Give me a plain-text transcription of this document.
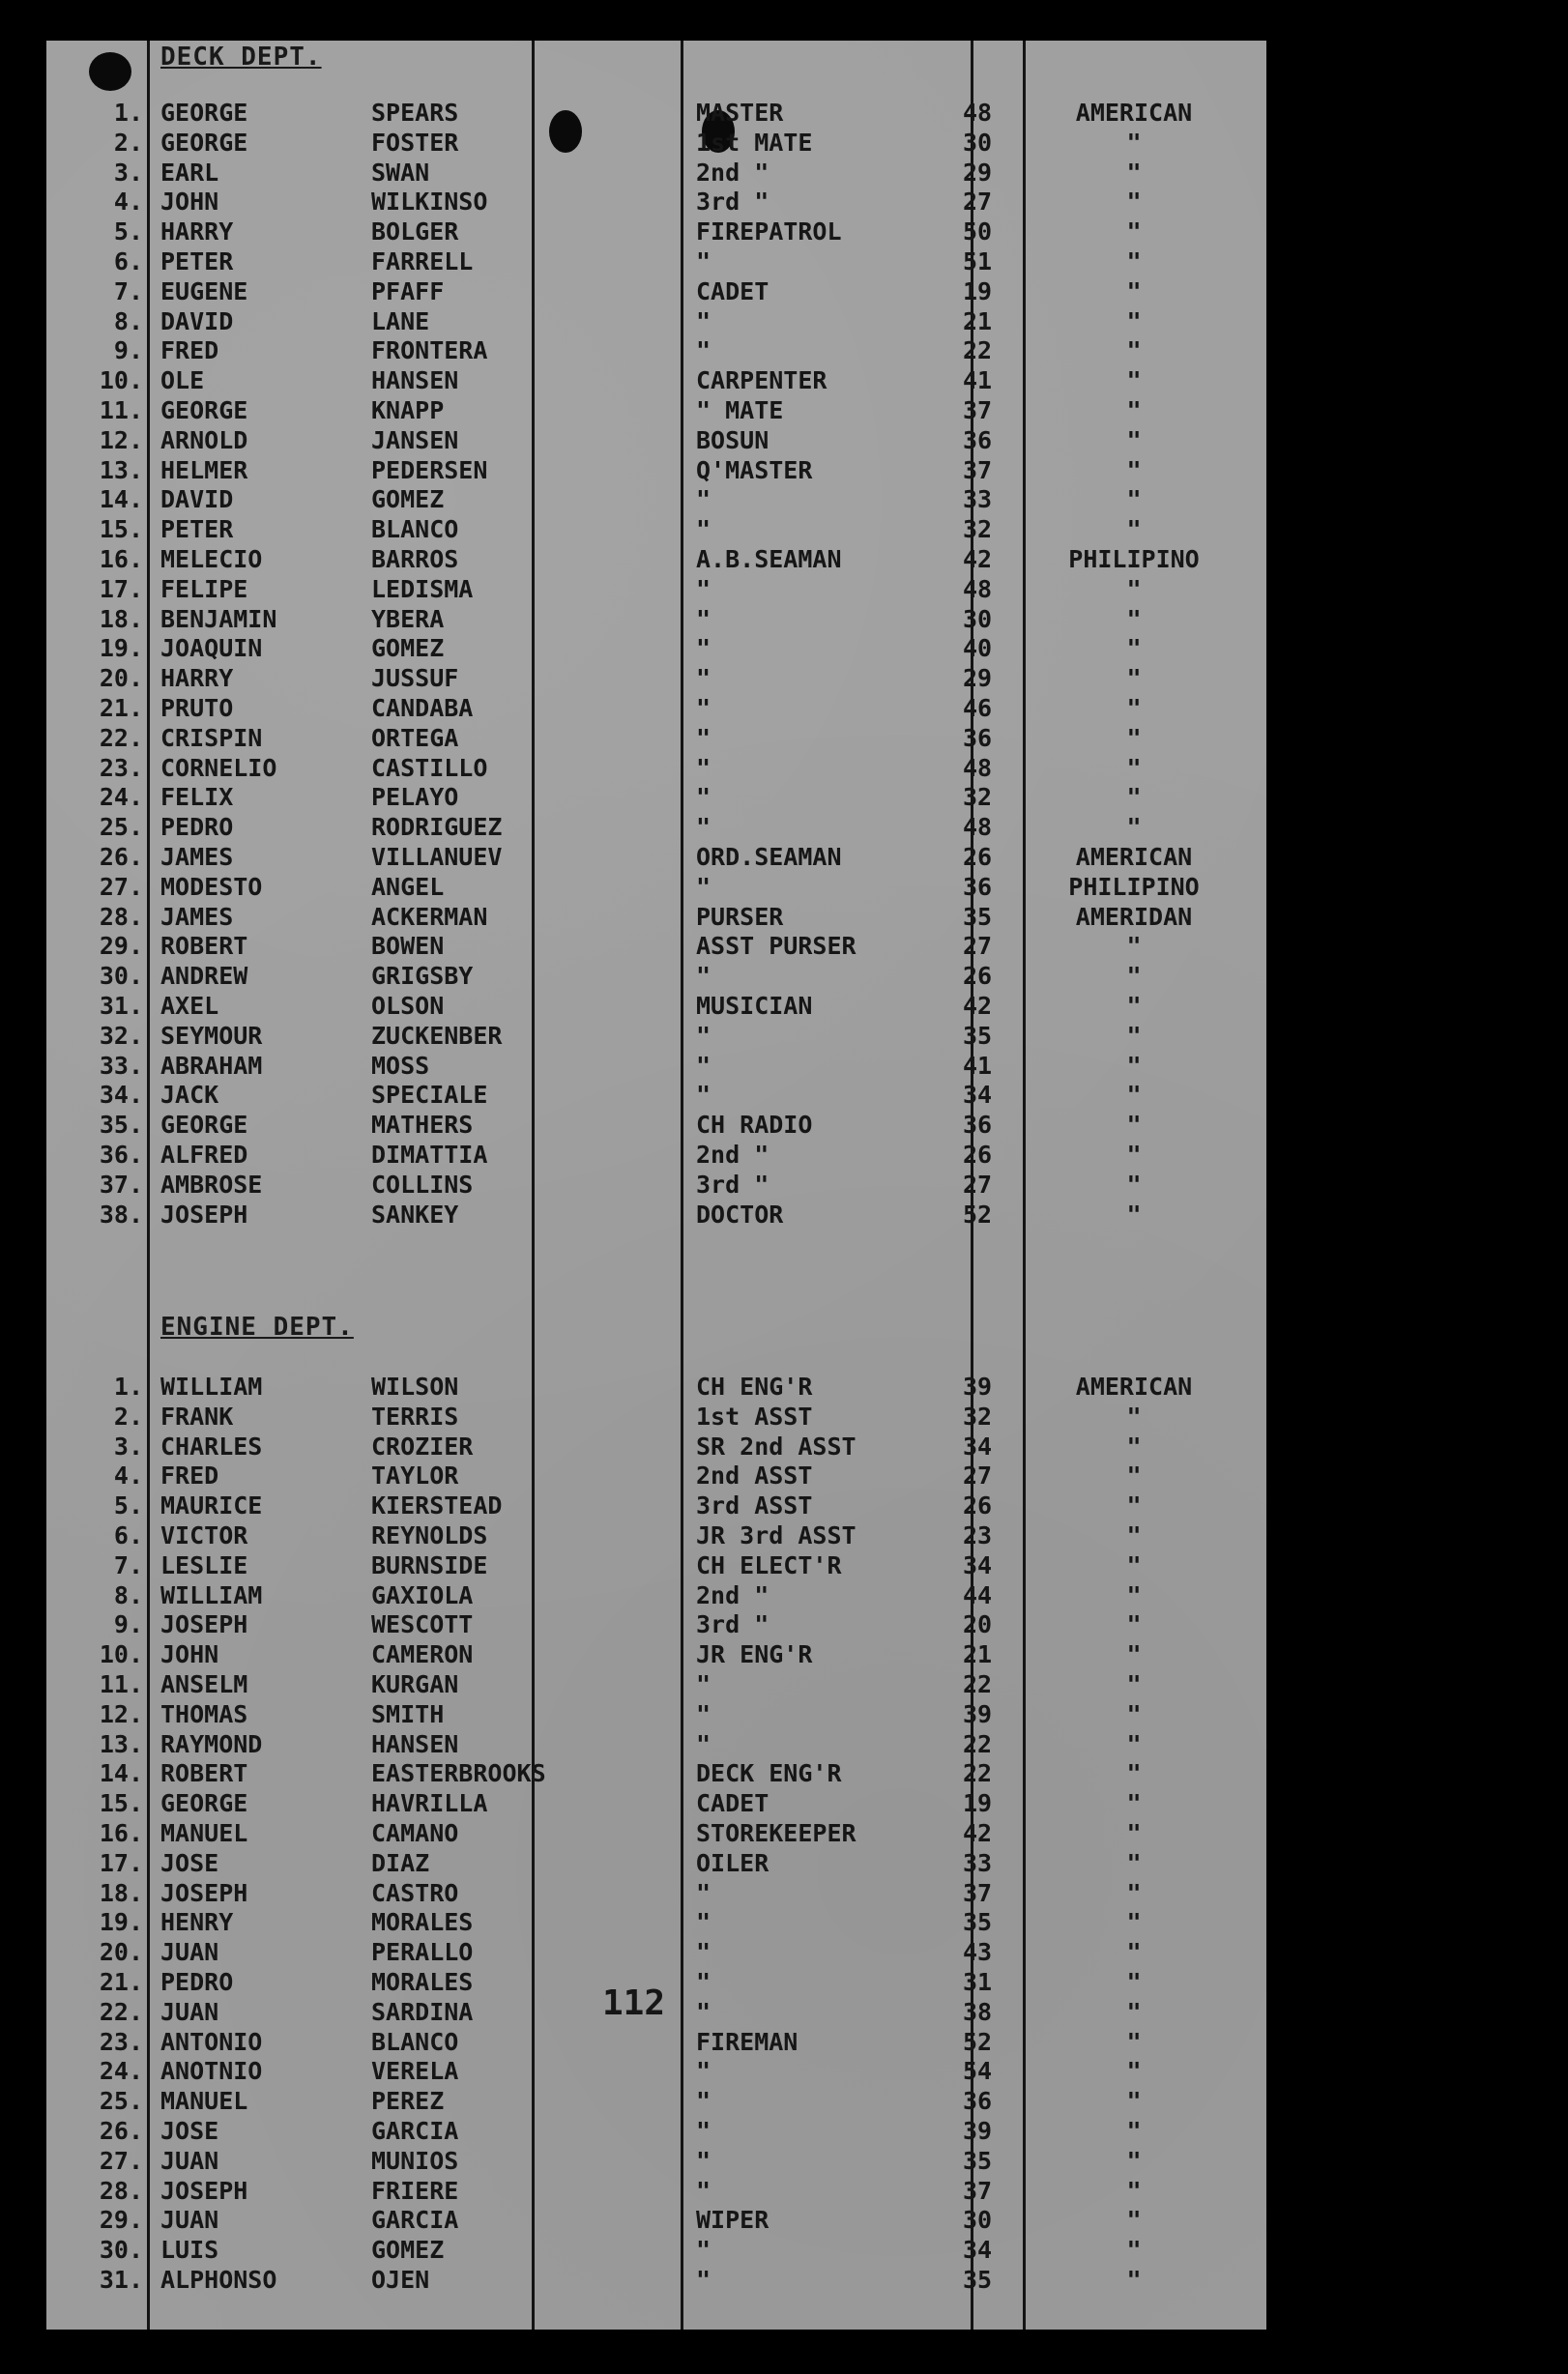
DECK DEPT.
1. GEORGE	SPEARS	MASTER	48	AMERICAN
2. GEORGE	FOSTER	1st MATE	30	"
3. EARL	SWAN	2nd "	29	"
4. JOHN	WILKINSO	3rd "	27	"
5. HARRY	BOLGER	FIREPATROL	50	"
6. PETER	FARRELL	"	51	"
7. EUGENE	PFAFF	CADET	19	"
8. DAVID	LANE	"	21	"
9. FRED	FRONTERA	"	22	"
10. OLE	HANSEN	CARPENTER	41	"
11. GEORGE	KNAPP	" MATE	37	"
12. ARNOLD	JANSEN	BOSUN	36	"
13. HELMER	PEDERSEN	Q'MASTER	37	"
14. DAVID	GOMEZ	"	33	"
15. PETER	BLANCO	"	32	"
16. MELECIO	BARROS	A.B.SEAMAN	42	PHILIPINO
17. FELIPE	LEDISMA	"	48	"
18. BENJAMIN	YBERA	"	30	"
19. JOAQUIN	GOMEZ	"	40	"
20. HARRY	JUSSUF	"	29	"
21. PRUTO	CANDABA	"	46	"
22. CRISPIN	ORTEGA	"	36	"
23. CORNELIO	CASTILLO	"	48	"
24. FELIX	PELAYO	"	32	"
25. PEDRO	RODRIGUEZ	"	48	"
26. JAMES	VILLANUEV	ORD.SEAMAN	26	AMERICAN
27. MODESTO	ANGEL	"	36	PHILIPINO
28. JAMES	ACKERMAN	PURSER	35	AMERIDAN
29. ROBERT	BOWEN	ASST PURSER	27	"
30. ANDREW	GRIGSBY	"	26	"
31. AXEL	OLSON	MUSICIAN	42	"
32. SEYMOUR	ZUCKENBER	"	35	"
33. ABRAHAM	MOSS	"	41	"
34. JACK	SPECIALE	"	34	"
35. GEORGE	MATHERS	CH RADIO	36	"
36. ALFRED	DIMATTIA	2nd "	26	"
37. AMBROSE	COLLINS	3rd "	27	"
38. JOSEPH	SANKEY	DOCTOR	52	"
ENGINE DEPT.
1. WILLIAM	WILSON	CH ENG'R	39	AMERICAN
2. FRANK	TERRIS	1st ASST	32	"
3. CHARLES	CROZIER	SR 2nd ASST	34	"
4. FRED	TAYLOR	2nd ASST	27	"
5. MAURICE	KIERSTEAD	3rd ASST	26	"
6. VICTOR	REYNOLDS	JR 3rd ASST	23	"
7. LESLIE	BURNSIDE	CH ELECT'R	34	"
8. WILLIAM	GAXIOLA	2nd "	44	"
9. JOSEPH	WESCOTT	3rd "	20	"
10. JOHN	CAMERON	JR ENG'R	21	"
11. ANSELM	KURGAN	"	22	"
12. THOMAS	SMITH	"	39	"
13. RAYMOND	HANSEN	"	22	"
14. ROBERT	EASTERBROOKS	DECK ENG'R	22	"
15. GEORGE	HAVRILLA	CADET	19	"
16. MANUEL	CAMANO	STOREKEEPER	42	"
17. JOSE	DIAZ	OILER	33	"
18. JOSEPH	CASTRO	"	37	"
19. HENRY	MORALES	"	35	"
20. JUAN	PERALLO	"	43	"
21. PEDRO	MORALES	"	31	"
22. JUAN	SARDINA	"	38	"
23. ANTONIO	BLANCO	FIREMAN	52	"
24. ANOTNIO	VERELA	"	54	"
25. MANUEL	PEREZ	"	36	"
26. JOSE	GARCIA	"	39	"
27. JUAN	MUNIOS	"	35	"
28. JOSEPH	FRIERE	"	37	"
29. JUAN	GARCIA	WIPER	30	"
30. LUIS	GOMEZ	"	34	"
31. ALPHONSO	OJEN	"	35	"
112
